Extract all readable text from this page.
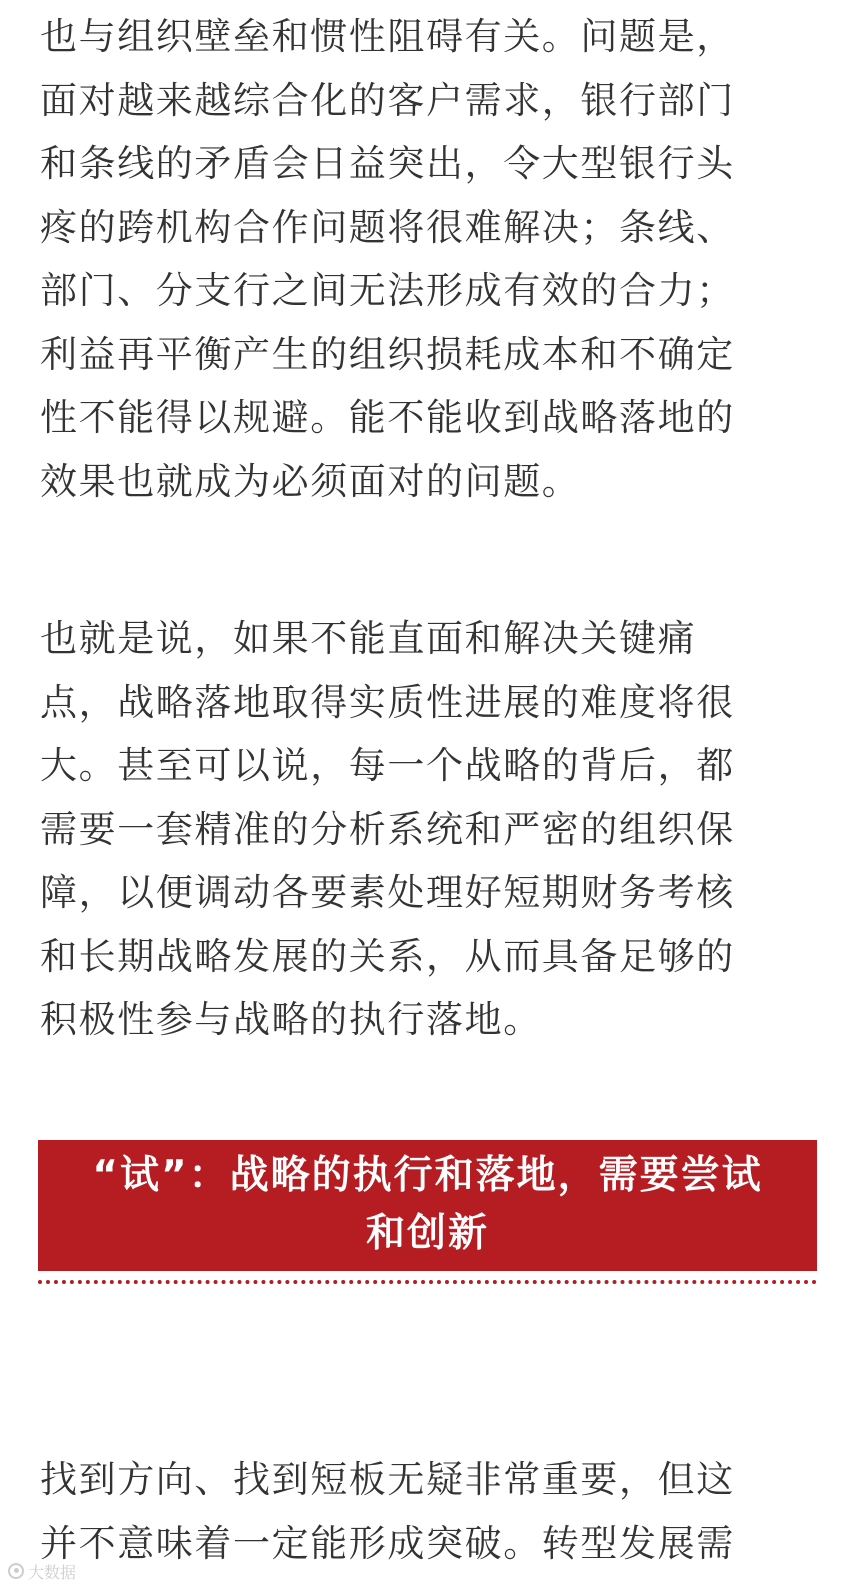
也与组织壁垒和惯性阻碍有关。问题是，
面对越来越综合化的客户需求，银行部门
和条线的矛盾会日益突出，令大型银行头
疼的跨机构合作问题将很难解决；条线、
部门、分支行之间无法形成有效的合力；
利益再平衡产生的组织损耗成本和不确定
性不能得以规避。能不能收到战略落地的
效果也就成为必须面对的问题。
也就是说，如果不能直面和解决关键痛
点，战略落地取得实质性进展的难度将很
大。甚至可以说，每一个战略的背后，都
需要一套精准的分析系统和严密的组织保
障，以便调动各要素处理好短期财务考核
和长期战略发展的关系，从而具备足够的
积极性参与战略的执行落地。
“试”：战略的执行和落地，需要尝试
和创新
找到方向、找到短板无疑非常重要，但这
并不意味着一定能形成突破。转型发展需
大数据
